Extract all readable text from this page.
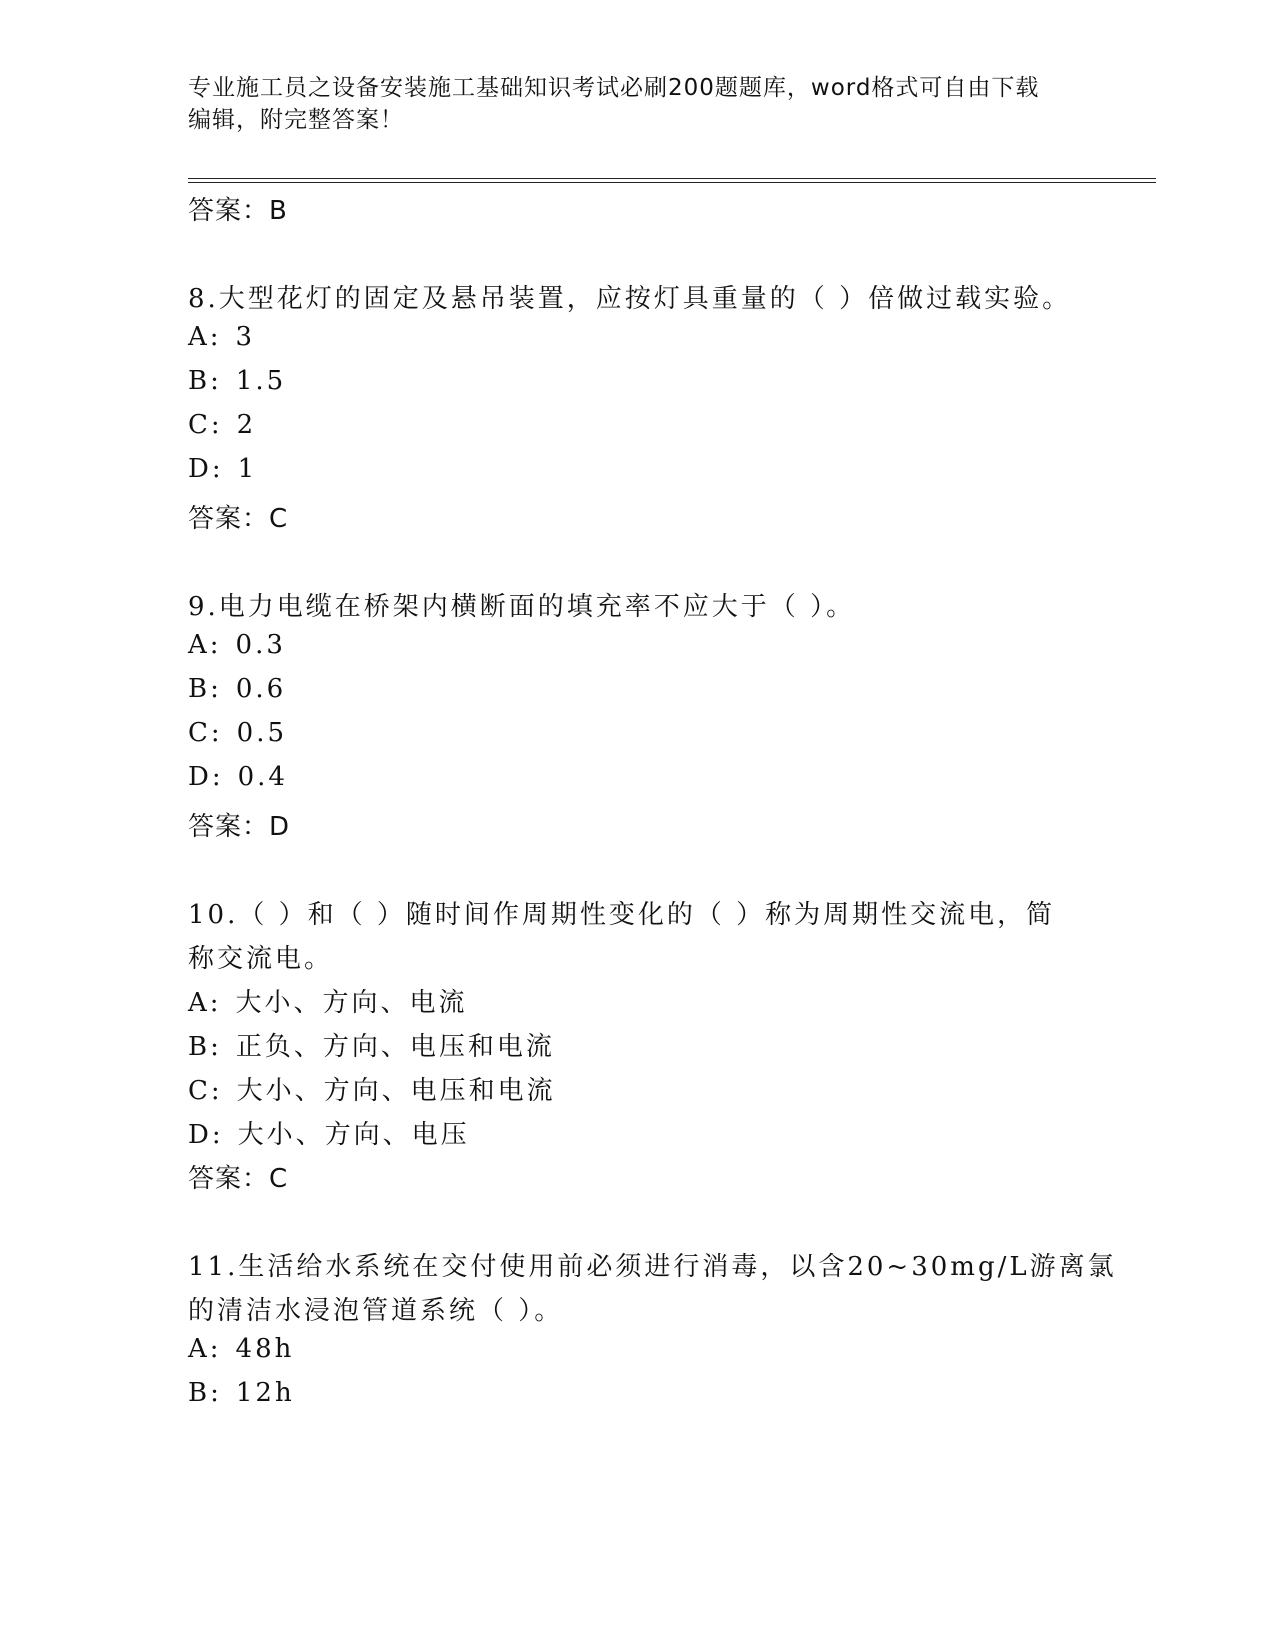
专业施工员之设备安装施工基础知识考试必刷200题题库，word格式可自由下载
编辑，附完整答案！
答案：B
8.大型花灯的固定及悬吊装置，应按灯具重量的（ ）倍做过载实验。
A: 3
B: 1.5
C: 2
D: 1
答案：C
9.电力电缆在桥架内横断面的填充率不应大于（ ）。
A: 0.3
B: 0.6
C: 0.5
D: 0.4
答案：D
10.（ ）和（ ）随时间作周期性变化的（ ）称为周期性交流电，简
称交流电。
A: 大小、方向、电流
B: 正负、方向、电压和电流
C: 大小、方向、电压和电流
D: 大小、方向、电压
答案：C
11.生活给水系统在交付使用前必须进行消毒，以含20~30mg/L游离氯
的清洁水浸泡管道系统（ ）。
A: 48h
B: 12h
